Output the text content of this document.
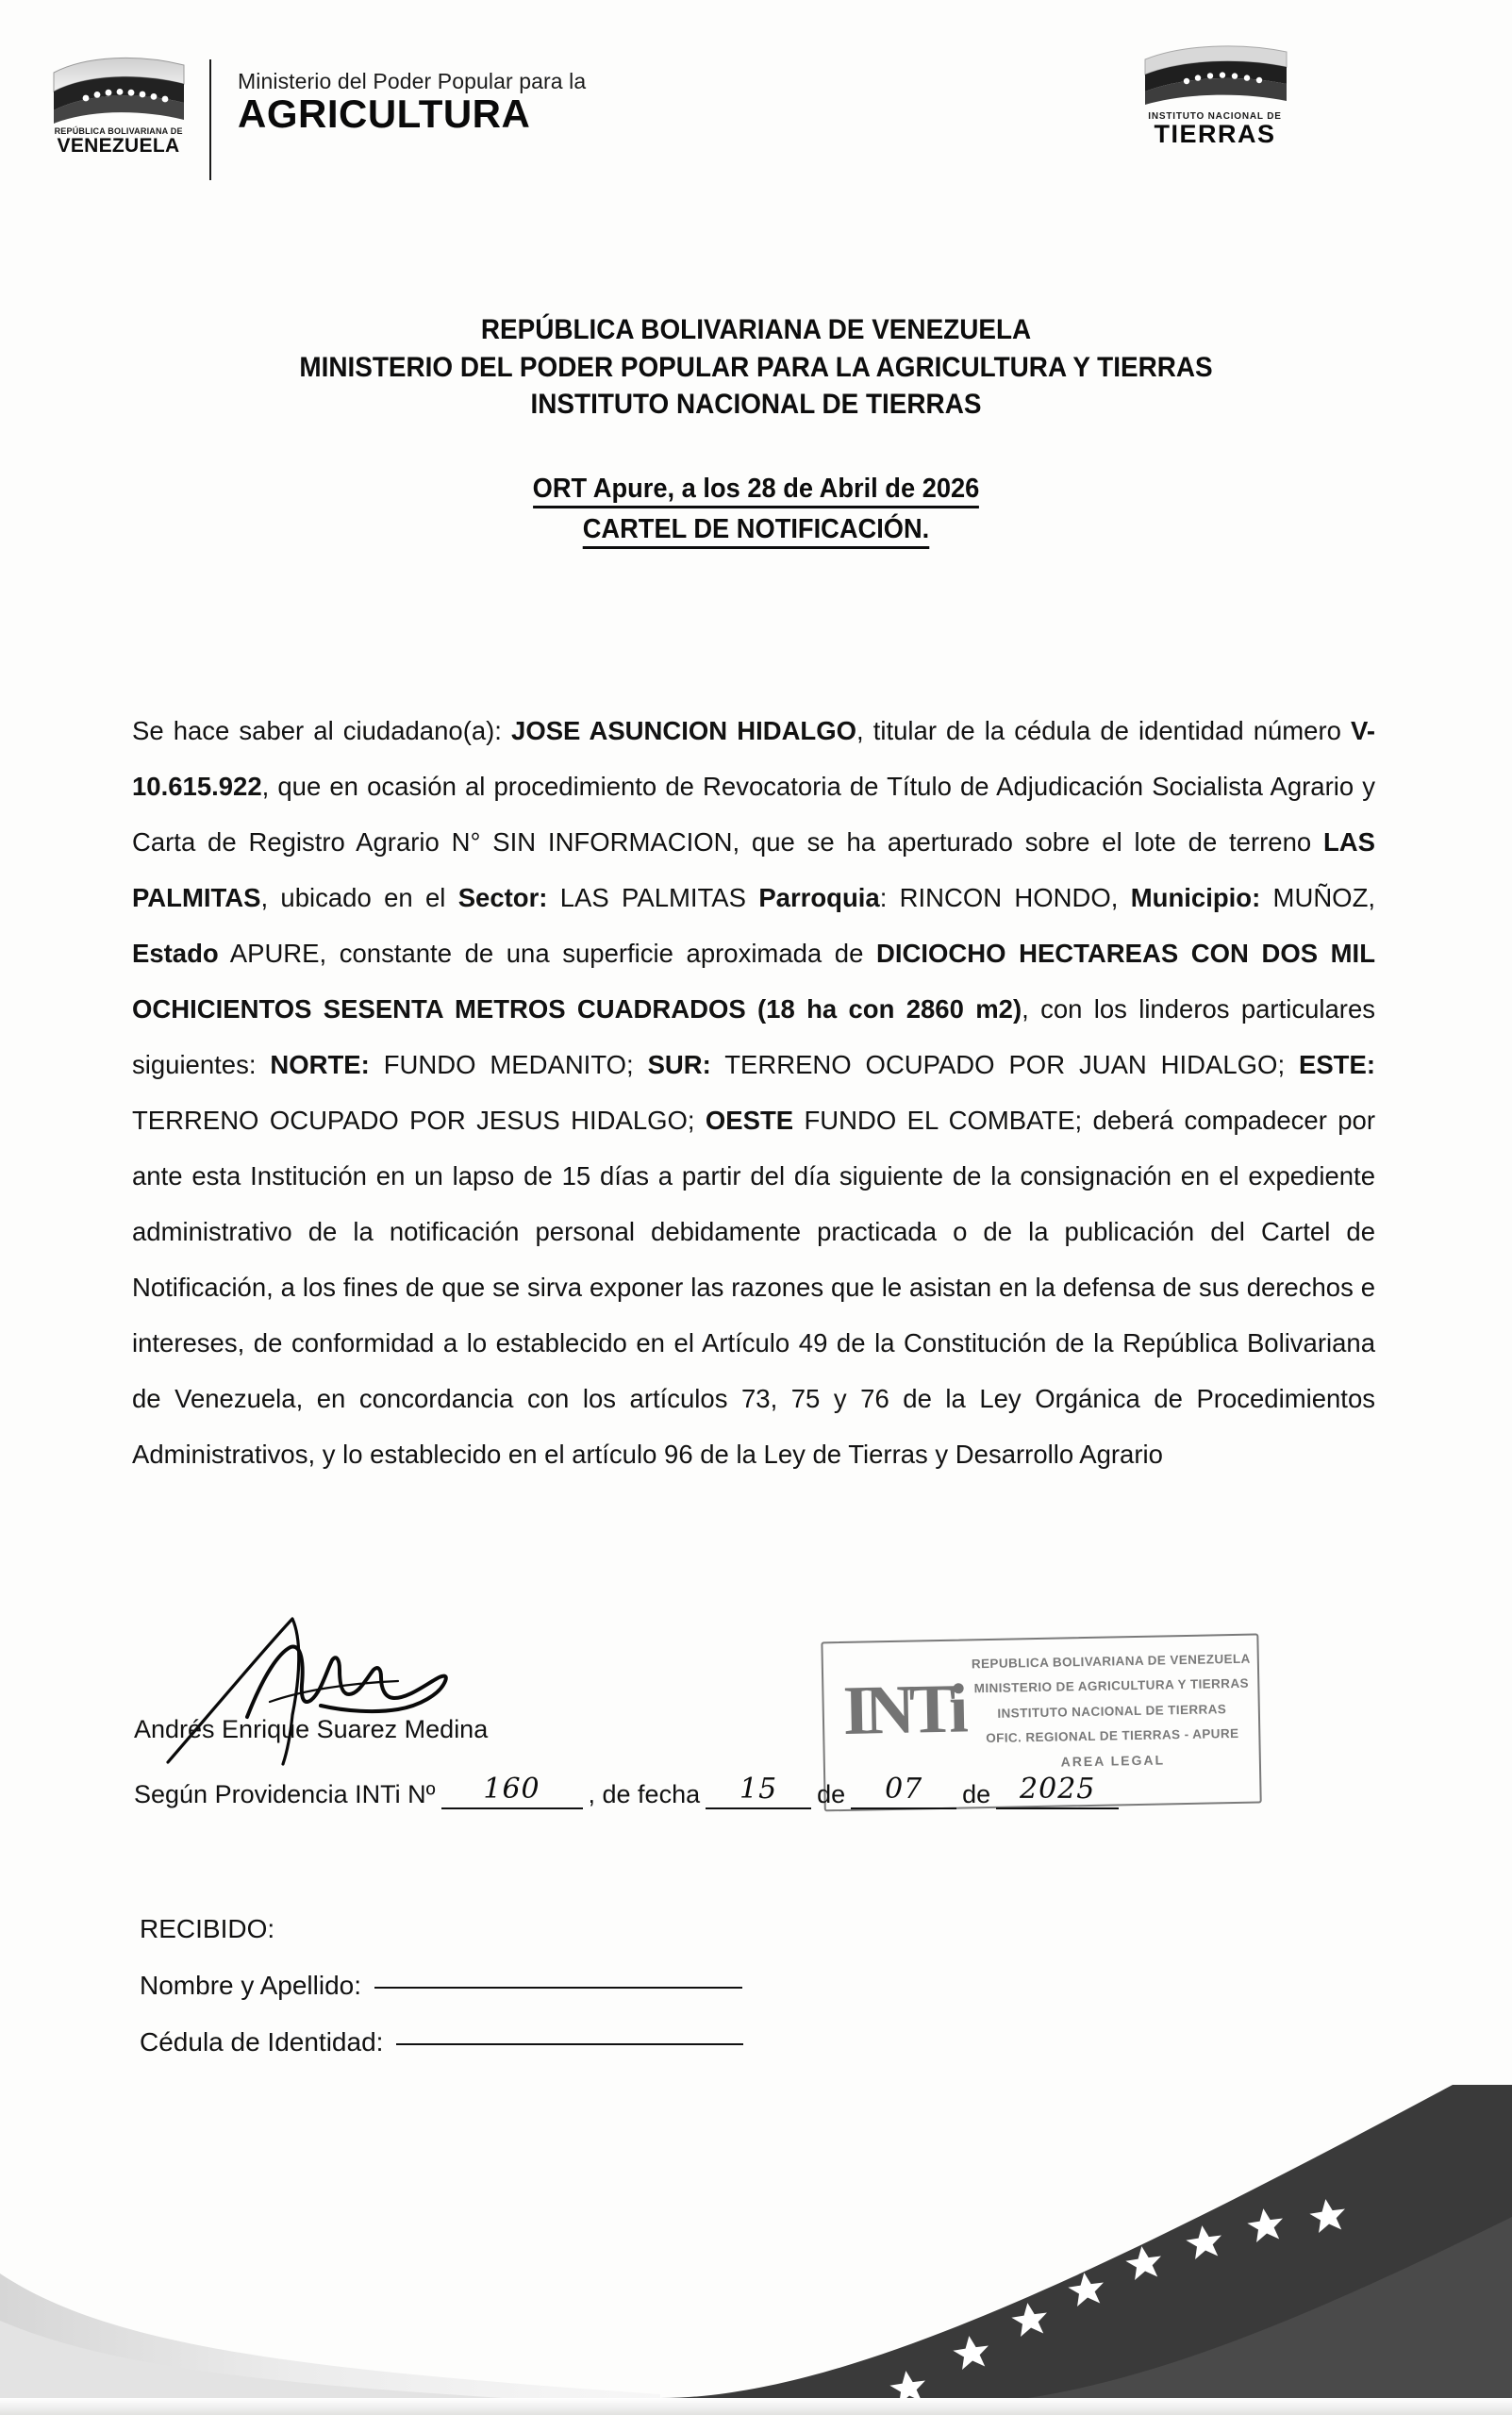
REPÚBLICA BOLIVARIANA DE
VENEZUELA
Ministerio del Poder Popular para la
AGRICULTURA	INSTITUTO NACIONAL DE
TIERRAS
REPÚBLICA BOLIVARIANA DE VENEZUELA
MINISTERIO DEL PODER POPULAR PARA LA AGRICULTURA Y TIERRAS
INSTITUTO NACIONAL DE TIERRAS
ORT Apure, a los 28 de Abril de 2026
CARTEL DE NOTIFICACIÓN.
Se hace saber al ciudadano(a): JOSE ASUNCION HIDALGO, titular de la cédula de identidad número V-10.615.922, que en ocasión al procedimiento de Revocatoria de Título de Adjudicación Socialista Agrario y Carta de Registro Agrario N° SIN INFORMACION, que se ha aperturado sobre el lote de terreno LAS PALMITAS, ubicado en el Sector: LAS PALMITAS Parroquia: RINCON HONDO, Municipio: MUÑOZ, Estado APURE, constante de una superficie aproximada de DICIOCHO HECTAREAS CON DOS MIL OCHICIENTOS SESENTA METROS CUADRADOS (18 ha con 2860 m2), con los linderos particulares siguientes: NORTE: FUNDO MEDANITO; SUR: TERRENO OCUPADO POR JUAN HIDALGO; ESTE: TERRENO OCUPADO POR JESUS HIDALGO; OESTE FUNDO EL COMBATE; deberá compadecer por ante esta Institución en un lapso de 15 días a partir del día siguiente de la consignación en el expediente administrativo de la notificación personal debidamente practicada o de la publicación del Cartel de Notificación, a los fines de que se sirva exponer las razones que le asistan en la defensa de sus derechos e intereses, de conformidad a lo establecido en el Artículo 49 de la Constitución de la República Bolivariana de Venezuela, en concordancia con los artículos 73, 75 y 76 de la Ley Orgánica de Procedimientos Administrativos, y lo establecido en el artículo 96 de la Ley de Tierras y Desarrollo Agrario
INTi
REPUBLICA BOLIVARIANA DE VENEZUELA
MINISTERIO DE AGRICULTURA Y TIERRAS
INSTITUTO NACIONAL DE TIERRAS
OFIC. REGIONAL DE TIERRAS - APURE
AREA LEGAL
Andrés Enrique Suarez Medina
Según Providencia INTi Nº	160	, de fecha	15	de	07	de	2025
RECIBIDO:
Nombre y Apellido:
Cédula de Identidad:
